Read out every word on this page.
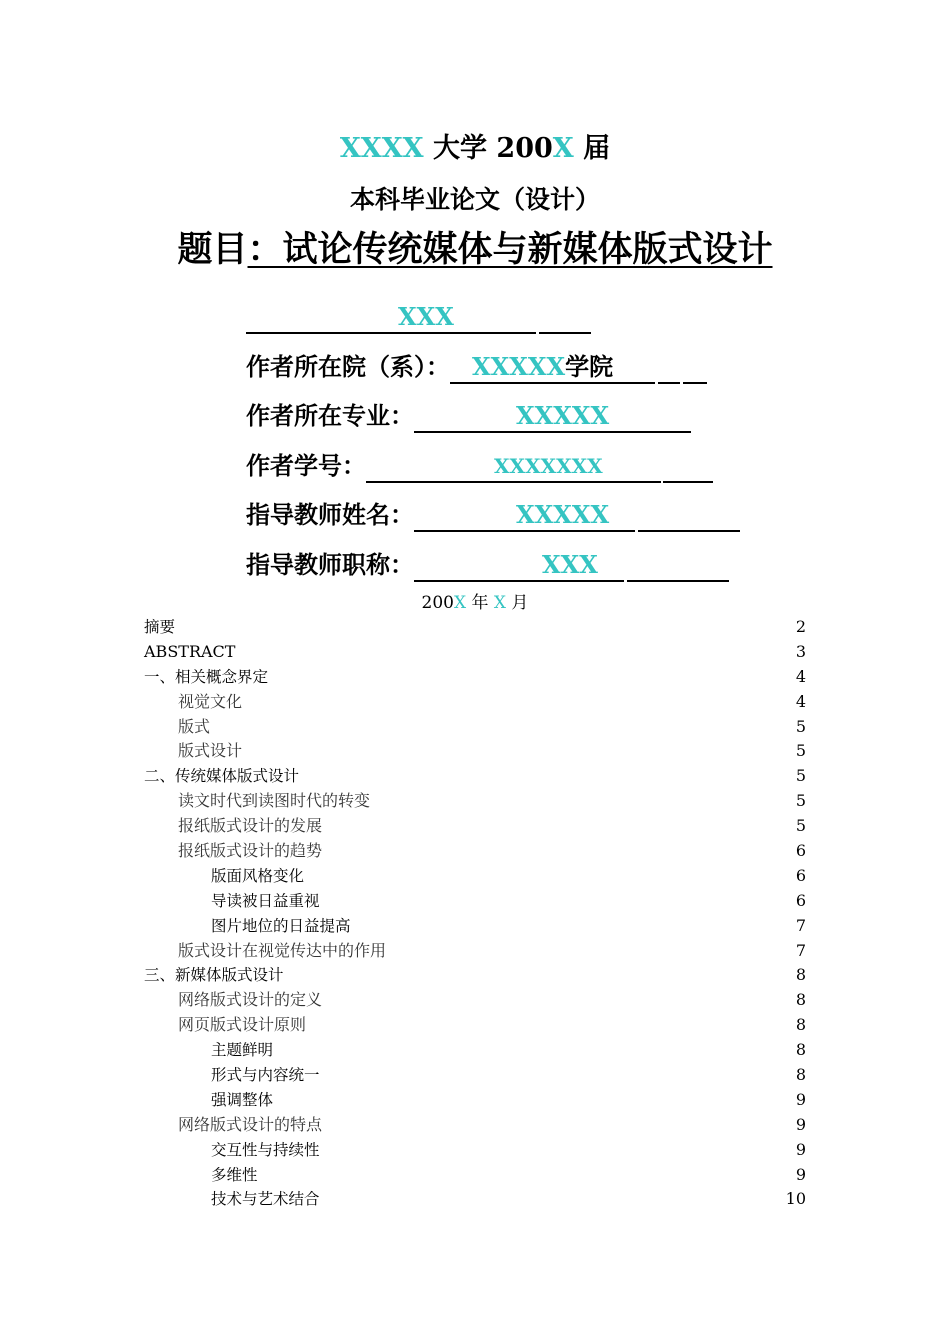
XXXX 大学 200X 届
本科毕业论文（设计）
题目：试论传统媒体与新媒体版式设计
XXX
作者所在院（系）： XXXXX学院
作者所在专业：	XXXXX
作者学号：	XXXXXXX
指导教师姓名：	XXXXX
指导教师职称：	XXX
200X 年 X 月
摘要	2
ABSTRACT	3
一、相关概念界定	4
视觉文化	4
版式	5
版式设计	5
二、传统媒体版式设计	5
读文时代到读图时代的转变	5
报纸版式设计的发展	5
报纸版式设计的趋势	6
版面风格变化	6
导读被日益重视	6
图片地位的日益提高	7
版式设计在视觉传达中的作用	7
三、新媒体版式设计	8
网络版式设计的定义	8
网页版式设计原则	8
主题鲜明	8
形式与内容统一	8
强调整体	9
网络版式设计的特点	9
交互性与持续性	9
多维性	9
技术与艺术结合	10
